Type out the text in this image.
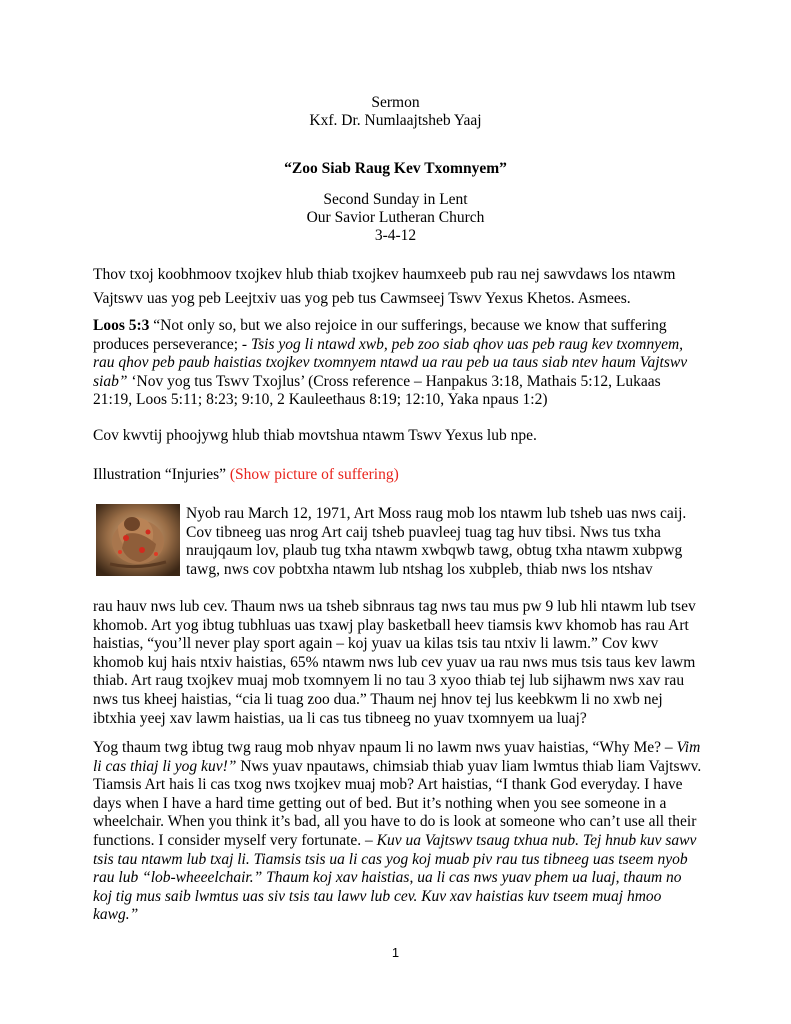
Sermon
Kxf. Dr. Numlaajtsheb Yaaj
“Zoo Siab Raug Kev Txomnyem”
Second Sunday in Lent
Our Savior Lutheran Church
3-4-12
Thov txoj koobhmoov txojkev hlub thiab txojkev haumxeeb pub rau nej sawvdaws los ntawm
Vajtswv uas yog peb Leejtxiv uas yog peb tus Cawmseej Tswv Yexus Khetos. Asmees.
Loos 5:3 “Not only so, but we also rejoice in our sufferings, because we know that suffering produces perseverance; - Tsis yog li ntawd xwb, peb zoo siab qhov uas peb raug kev txomnyem, rau qhov peb paub haistias txojkev txomnyem ntawd ua rau peb ua taus siab ntev haum Vajtswv siab” ‘Nov yog tus Tswv Txojlus’ (Cross reference – Hanpakus 3:18, Mathais 5:12, Lukaas 21:19, Loos 5:11; 8:23; 9:10, 2 Kauleethaus 8:19; 12:10, Yaka npaus 1:2)
Cov kwvtij phoojywg hlub thiab movtshua ntawm Tswv Yexus lub npe.
Illustration “Injuries” (Show picture of suffering)
Nyob rau March 12, 1971, Art Moss raug mob los ntawm lub tsheb uas nws caij. Cov tibneeg uas nrog Art caij tsheb puavleej tuag tag huv tibsi. Nws tus txha nraujqaum lov, plaub tug txha ntawm xwbqwb tawg, obtug txha ntawm xubpwg tawg, nws cov pobtxha ntawm lub ntshag los xubpleb, thiab nws los ntshav
rau hauv nws lub cev. Thaum nws ua tsheb sibnraus tag nws tau mus pw 9 lub hli ntawm lub tsev khomob. Art yog ibtug tubhluas uas txawj play basketball heev tiamsis kwv khomob has rau Art haistias, “you’ll never play sport again – koj yuav ua kilas tsis tau ntxiv li lawm.” Cov kwv khomob kuj hais ntxiv haistias, 65% ntawm nws lub cev yuav ua rau nws mus tsis taus kev lawm thiab. Art raug txojkev muaj mob txomnyem li no tau 3 xyoo thiab tej lub sijhawm nws xav rau nws tus kheej haistias, “cia li tuag zoo dua.” Thaum nej hnov tej lus keebkwm li no xwb nej ibtxhia yeej xav lawm haistias, ua li cas tus tibneeg no yuav txomnyem ua luaj?
Yog thaum twg ibtug twg raug mob nhyav npaum li no lawm nws yuav haistias, “Why Me? – Vim li cas thiaj li yog kuv!” Nws yuav npautaws, chimsiab thiab yuav liam lwmtus thiab liam Vajtswv. Tiamsis Art hais li cas txog nws txojkev muaj mob? Art haistias, “I thank God everyday. I have days when I have a hard time getting out of bed. But it’s nothing when you see someone in a wheelchair. When you think it’s bad, all you have to do is look at someone who can’t use all their functions. I consider myself very fortunate. – Kuv ua Vajtswv tsaug txhua nub. Tej hnub kuv sawv tsis tau ntawm lub txaj li. Tiamsis tsis ua li cas yog koj muab piv rau tus tibneeg uas tseem nyob rau lub “lob-wheeelchair.” Thaum koj xav haistias, ua li cas nws yuav phem ua luaj, thaum no koj tig mus saib lwmtus uas siv tsis tau lawv lub cev. Kuv xav haistias kuv tseem muaj hmoo kawg.”
1
